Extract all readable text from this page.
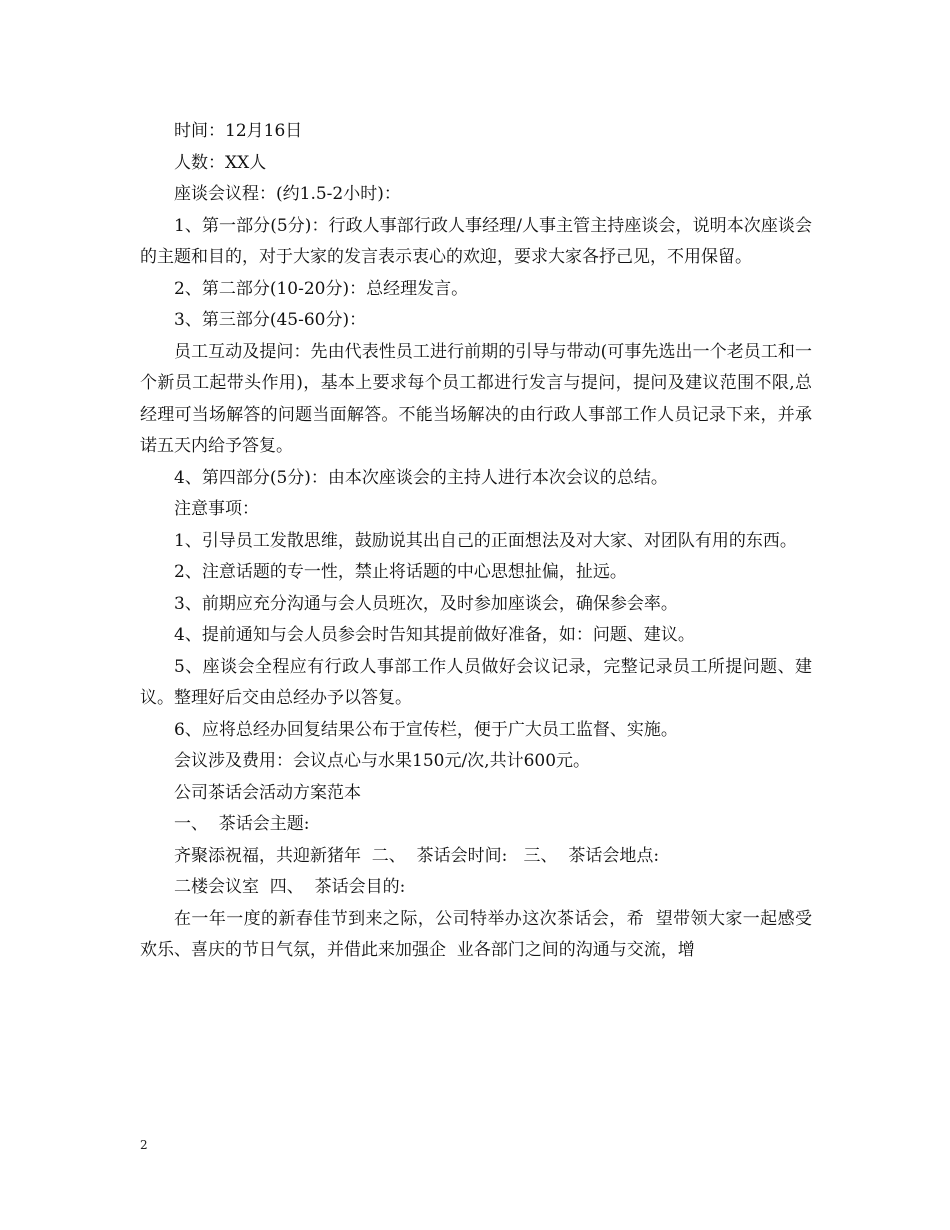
时间：12月16日

人数：XX人

座谈会议程：(约1.5-2小时)：

1、第一部分(5分)：行政人事部行政人事经理/人事主管主持座谈会，说明本次座谈会的主题和目的，对于大家的发言表示衷心的欢迎，要求大家各抒己见，不用保留。

2、第二部分(10-20分)：总经理发言。

3、第三部分(45-60分)：

员工互动及提问：先由代表性员工进行前期的引导与带动(可事先选出一个老员工和一个新员工起带头作用)，基本上要求每个员工都进行发言与提问，提问及建议范围不限,总经理可当场解答的问题当面解答。不能当场解决的由行政人事部工作人员记录下来，并承诺五天内给予答复。

4、第四部分(5分)：由本次座谈会的主持人进行本次会议的总结。

注意事项：

1、引导员工发散思维，鼓励说其出自己的正面想法及对大家、对团队有用的东西。

2、注意话题的专一性，禁止将话题的中心思想扯偏，扯远。

3、前期应充分沟通与会人员班次，及时参加座谈会，确保参会率。

4、提前通知与会人员参会时告知其提前做好准备，如：问题、建议。

5、座谈会全程应有行政人事部工作人员做好会议记录，完整记录员工所提问题、建议。整理好后交由总经办予以答复。

6、应将总经办回复结果公布于宣传栏，便于广大员工监督、实施。

会议涉及费用：会议点心与水果150元/次,共计600元。

公司茶话会活动方案范本

一、  茶话会主题:

齐聚添祝福，共迎新猪年  二、  茶话会时间:   三、  茶话会地点:

二楼会议室  四、  茶话会目的:

在一年一度的新春佳节到来之际，公司特举办这次茶话会，希  望带领大家一起感受欢乐、喜庆的节日气氛，并借此来加强企  业各部门之间的沟通与交流，增

2
